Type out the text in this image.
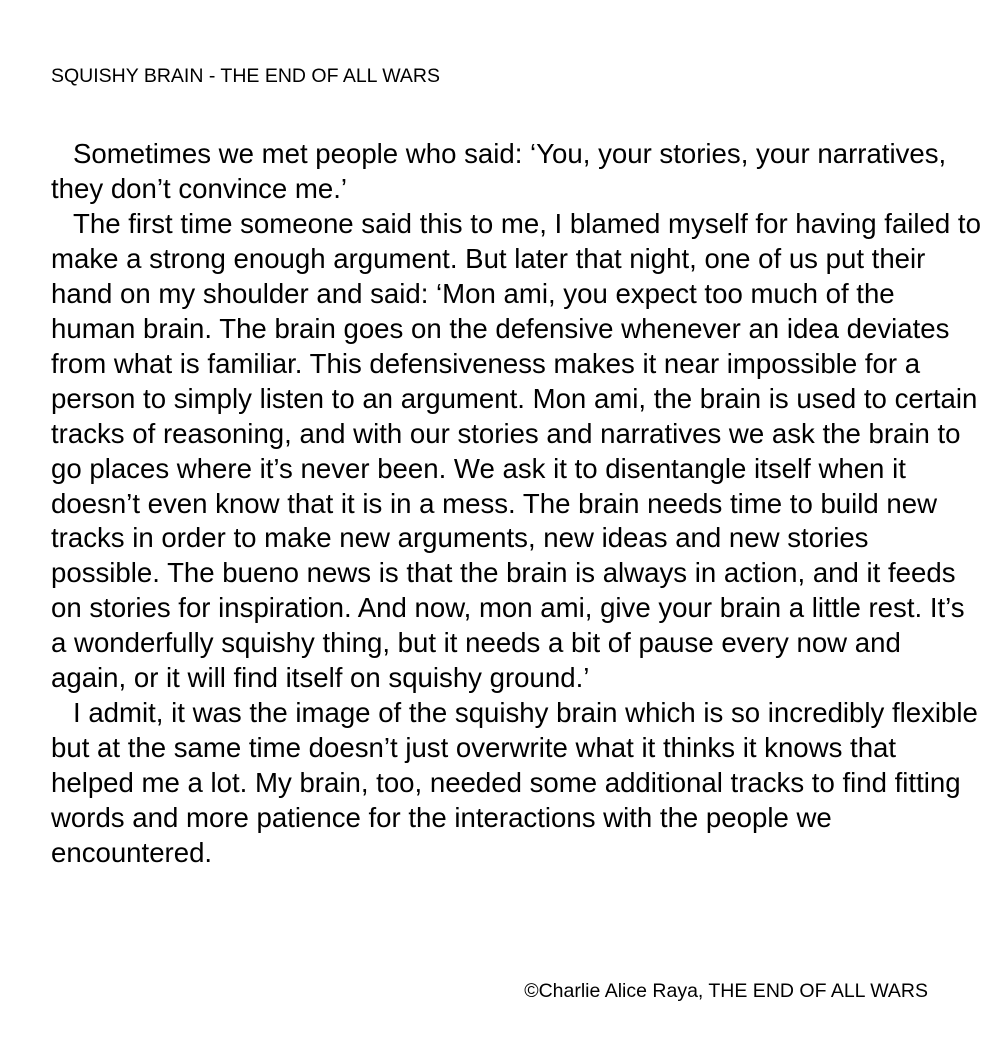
SQUISHY BRAIN - THE END OF ALL WARS

Sometimes we met people who said: ‘You, your stories, your narratives, they don’t convince me.’

The first time someone said this to me, I blamed myself for having failed to make a strong enough argument. But later that night, one of us put their hand on my shoulder and said: ‘Mon ami, you expect too much of the human brain. The brain goes on the defensive whenever an idea deviates from what is familiar. This defensiveness makes it near impossible for a person to simply listen to an argument. Mon ami, the brain is used to certain tracks of reasoning, and with our stories and narratives we ask the brain to go places where it’s never been. We ask it to disentangle itself when it doesn’t even know that it is in a mess. The brain needs time to build new tracks in order to make new arguments, new ideas and new stories possible. The bueno news is that the brain is always in action, and it feeds on stories for inspiration. And now, mon ami, give your brain a little rest. It’s a wonderfully squishy thing, but it needs a bit of pause every now and again, or it will find itself on squishy ground.’

I admit, it was the image of the squishy brain which is so incredibly flexible but at the same time doesn’t just overwrite what it thinks it knows that helped me a lot. My brain, too, needed some additional tracks to find fitting words and more patience for the interactions with the people we encountered.

©Charlie Alice Raya, THE END OF ALL WARS
